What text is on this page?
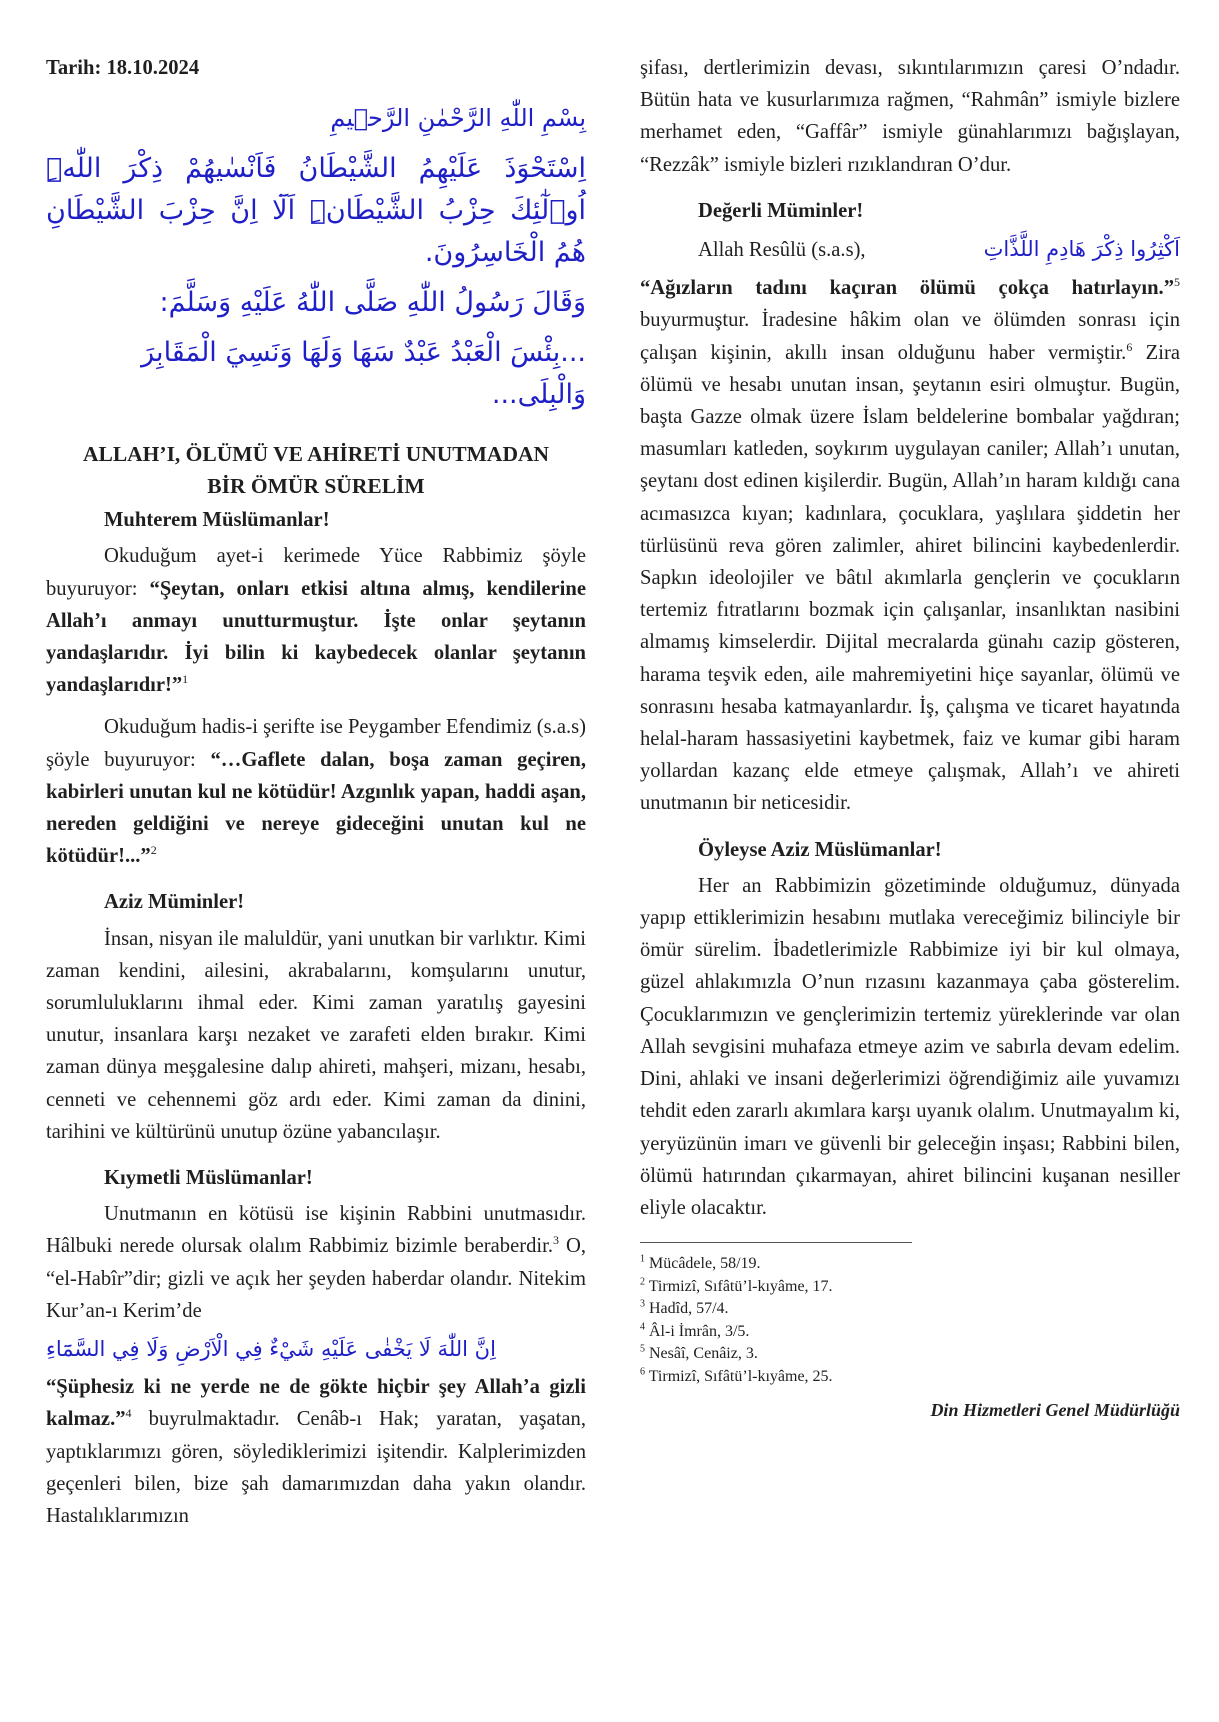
Tarih: 18.10.2024

بِسْمِ اللّٰهِ الرَّحْمٰنِ الرَّح۪يمِ

اِسْتَحْوَذَ عَلَيْهِمُ الشَّيْطَانُ فَاَنْسٰيهُمْ ذِكْرَ اللّٰهِۜ اُو۬لٰٓئِكَ حِزْبُ الشَّيْطَانِۜ اَلَٓا اِنَّ حِزْبَ الشَّيْطَانِ هُمُ الْخَاسِرُونَ.

وَقَالَ رَسُولُ اللّٰهِ صَلَّى اللّٰهُ عَلَيْهِ وَسَلَّمَ:

...بِئْسَ الْعَبْدُ عَبْدٌ سَهَا وَلَهَا وَنَسِيَ الْمَقَابِرَ وَالْبِلَى...

ALLAH’I, ÖLÜMÜ VE AHİRETİ UNUTMADAN
BİR ÖMÜR SÜRELİM

Muhterem Müslümanlar!

Okuduğum ayet-i kerimede Yüce Rabbimiz şöyle buyuruyor: “Şeytan, onları etkisi altına almış, kendilerine Allah’ı anmayı unutturmuştur. İşte onlar şeytanın yandaşlarıdır. İyi bilin ki kaybedecek olanlar şeytanın yandaşlarıdır!”$^1$

Okuduğum hadis-i şerifte ise Peygamber Efendimiz (s.a.s) şöyle buyuruyor: “…Gaflete dalan, boşa zaman geçiren, kabirleri unutan kul ne kötüdür! Azgınlık yapan, haddi aşan, nereden geldiğini ve nereye gideceğini unutan kul ne kötüdür!...”$^2$

Aziz Müminler!

İnsan, nisyan ile maluldür, yani unutkan bir varlıktır. Kimi zaman kendini, ailesini, akrabalarını, komşularını unutur, sorumluluklarını ihmal eder. Kimi zaman yaratılış gayesini unutur, insanlara karşı nezaket ve zarafeti elden bırakır. Kimi zaman dünya meşgalesine dalıp ahireti, mahşeri, mizanı, hesabı, cenneti ve cehennemi göz ardı eder. Kimi zaman da dinini, tarihini ve kültürünü unutup özüne yabancılaşır.

Kıymetli Müslümanlar!

Unutmanın en kötüsü ise kişinin Rabbini unutmasıdır. Hâlbuki nerede olursak olalım Rabbimiz bizimle beraberdir.$^3$ O, “el-Habîr”dir; gizli ve açık her şeyden haberdar olandır. Nitekim Kur’an-ı Kerim’de

اِنَّ اللّٰهَ لَا يَخْفٰى عَلَيْهِ شَيْءٌ فِي الْاَرْضِ وَلَا فِي السَّمَٓاءِ

“Şüphesiz ki ne yerde ne de gökte hiçbir şey Allah’a gizli kalmaz.”$^4$ buyrulmaktadır. Cenâb-ı Hak; yaratan, yaşatan, yaptıklarımızı gören, söylediklerimizi işitendir. Kalplerimizden geçenleri bilen, bize şah damarımızdan daha yakın olandır. Hastalıklarımızın

şifası, dertlerimizin devası, sıkıntılarımızın çaresi O’ndadır. Bütün hata ve kusurlarımıza rağmen, “Rahmân” ismiyle bizlere merhamet eden, “Gaffâr” ismiyle günahlarımızı bağışlayan, “Rezzâk” ismiyle bizleri rızıklandıran O’dur.

Değerli Müminler!

Allah Resûlü (s.a.s),	اَكْثِرُوا ذِكْرَ هَادِمِ اللَّذَّاتِ

“Ağızların tadını kaçıran ölümü çokça hatırlayın.”$^5$ buyurmuştur. İradesine hâkim olan ve ölümden sonrası için çalışan kişinin, akıllı insan olduğunu haber vermiştir.$^6$ Zira ölümü ve hesabı unutan insan, şeytanın esiri olmuştur. Bugün, başta Gazze olmak üzere İslam beldelerine bombalar yağdıran; masumları katleden, soykırım uygulayan caniler; Allah’ı unutan, şeytanı dost edinen kişilerdir. Bugün, Allah’ın haram kıldığı cana acımasızca kıyan; kadınlara, çocuklara, yaşlılara şiddetin her türlüsünü reva gören zalimler, ahiret bilincini kaybedenlerdir. Sapkın ideolojiler ve bâtıl akımlarla gençlerin ve çocukların tertemiz fıtratlarını bozmak için çalışanlar, insanlıktan nasibini almamış kimselerdir. Dijital mecralarda günahı cazip gösteren, harama teşvik eden, aile mahremiyetini hiçe sayanlar, ölümü ve sonrasını hesaba katmayanlardır. İş, çalışma ve ticaret hayatında helal-haram hassasiyetini kaybetmek, faiz ve kumar gibi haram yollardan kazanç elde etmeye çalışmak, Allah’ı ve ahireti unutmanın bir neticesidir.

Öyleyse Aziz Müslümanlar!

Her an Rabbimizin gözetiminde olduğumuz, dünyada yapıp ettiklerimizin hesabını mutlaka vereceğimiz bilinciyle bir ömür sürelim. İbadetlerimizle Rabbimize iyi bir kul olmaya, güzel ahlakımızla O’nun rızasını kazanmaya çaba gösterelim. Çocuklarımızın ve gençlerimizin tertemiz yüreklerinde var olan Allah sevgisini muhafaza etmeye azim ve sabırla devam edelim. Dini, ahlaki ve insani değerlerimizi öğrendiğimiz aile yuvamızı tehdit eden zararlı akımlara karşı uyanık olalım. Unutmayalım ki, yeryüzünün imarı ve güvenli bir geleceğin inşası; Rabbini bilen, ölümü hatırından çıkarmayan, ahiret bilincini kuşanan nesiller eliyle olacaktır.

$^1$ Mücâdele, 58/19.

$^2$ Tirmizî, Sıfâtü’l-kıyâme, 17.

$^3$ Hadîd, 57/4.

$^4$ Âl-i İmrân, 3/5.

$^5$ Nesâî, Cenâiz, 3.

$^6$ Tirmizî, Sıfâtü’l-kıyâme, 25.

Din Hizmetleri Genel Müdürlüğü
